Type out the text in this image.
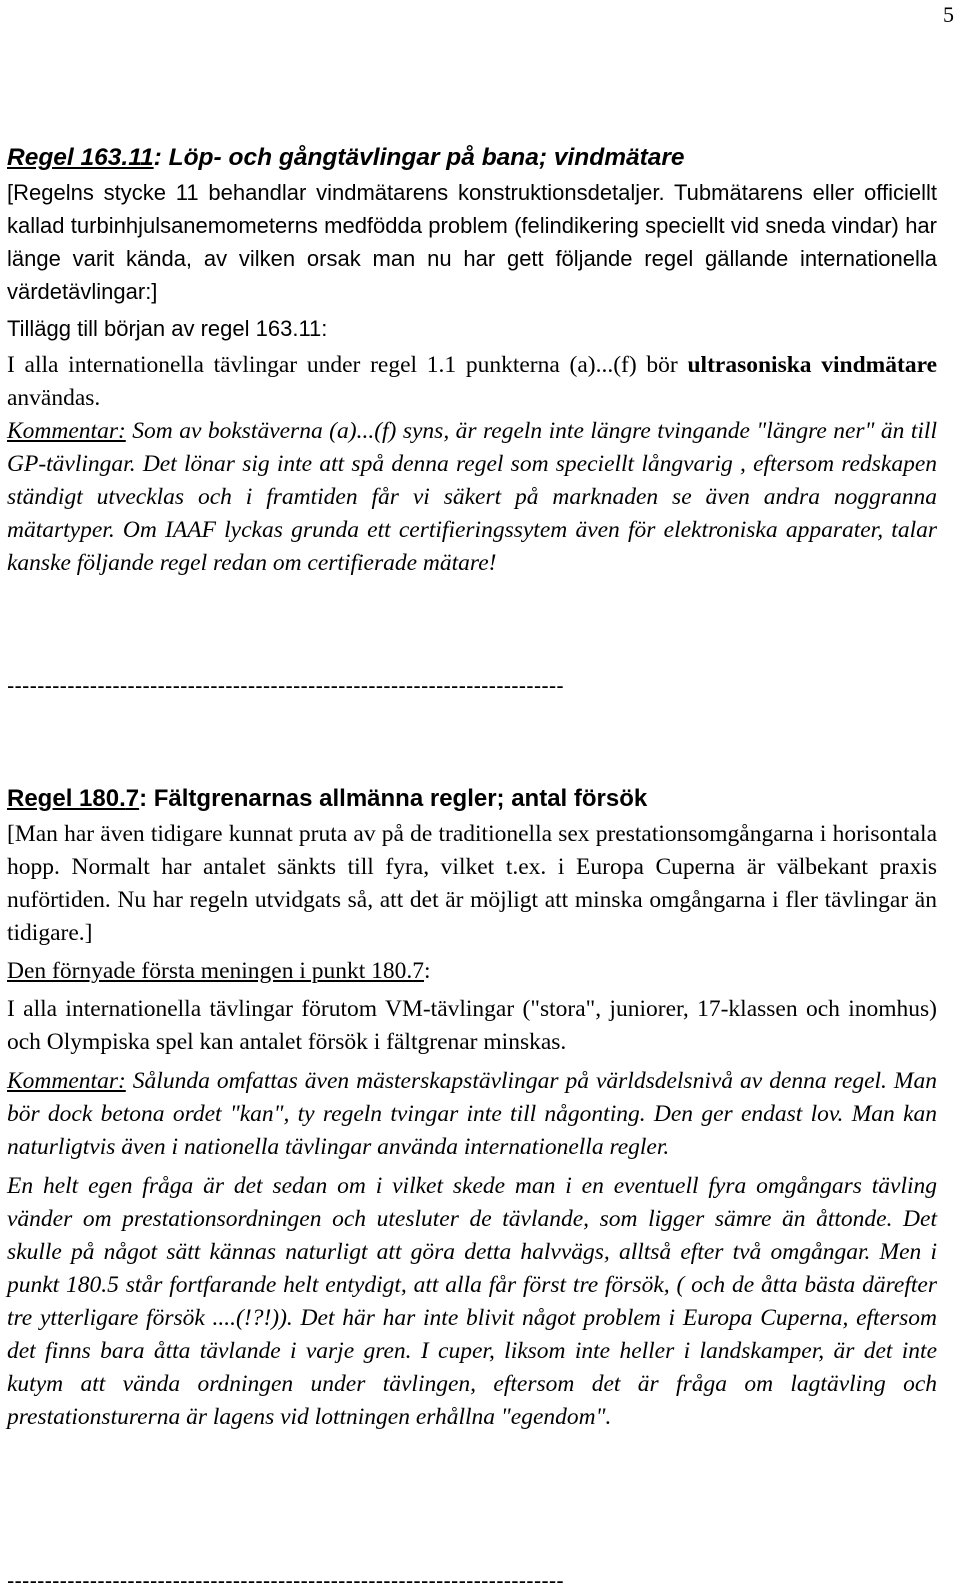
5
Regel 163.11: Löp- och gångtävlingar på bana; vindmätare

[Regelns stycke 11 behandlar vindmätarens konstruktionsdetaljer. Tubmätarens eller officiellt kallad turbinhjulsanemometerns medfödda problem (felindikering speciellt vid sneda vindar) har länge varit kända, av vilken orsak man nu har gett följande regel gällande internationella värdetävlingar:]

Tillägg till början av regel 163.11:

I alla internationella tävlingar under regel 1.1 punkterna (a)...(f) bör ultrasoniska vindmätare användas.

Kommentar: Som av bokstäverna (a)...(f) syns, är regeln inte längre tvingande "längre ner" än till GP-tävlingar. Det lönar sig inte att spå denna regel som speciellt långvarig , eftersom redskapen ständigt utvecklas och i framtiden får vi säkert på marknaden se även andra noggranna mätartyper. Om IAAF lyckas grunda ett certifieringssytem även för elektroniska apparater, talar kanske följande regel redan om certifierade mätare!

--------------------------------------------------------------------------
Regel 180.7: Fältgrenarnas allmänna regler; antal försök

[Man har även tidigare kunnat pruta av på de traditionella sex prestationsomgångarna i horisontala hopp. Normalt har antalet sänkts till fyra, vilket t.ex. i Europa Cuperna är välbekant praxis nuförtiden. Nu har regeln utvidgats så, att det är möjligt att minska omgångarna i fler tävlingar än tidigare.]

Den förnyade första meningen i punkt 180.7:

I alla internationella tävlingar förutom VM-tävlingar ("stora", juniorer, 17-klassen och inomhus) och Olympiska spel kan antalet försök i fältgrenar minskas.

Kommentar: Sålunda omfattas även mästerskapstävlingar på världsdelsnivå av denna regel. Man bör dock betona ordet "kan", ty regeln tvingar inte till någonting. Den ger endast lov. Man kan naturligtvis även i nationella tävlingar använda internationella regler.

En helt egen fråga är det sedan om i vilket skede man i en eventuell fyra omgångars tävling vänder om prestationsordningen och utesluter de tävlande, som ligger sämre än åttonde. Det skulle på något sätt kännas naturligt att göra detta halvvägs, alltså efter två omgångar. Men i punkt 180.5 står fortfarande helt entydigt, att alla får först tre försök, ( och de åtta bästa därefter tre ytterligare försök ....(!?!)). Det här har inte blivit något problem i Europa Cuperna, eftersom det finns bara åtta tävlande i varje gren. I cuper, liksom inte heller i landskamper, är det inte kutym att vända ordningen under tävlingen, eftersom det är fråga om lagtävling och prestationsturerna är lagens vid lottningen erhållna "egendom".

--------------------------------------------------------------------------
